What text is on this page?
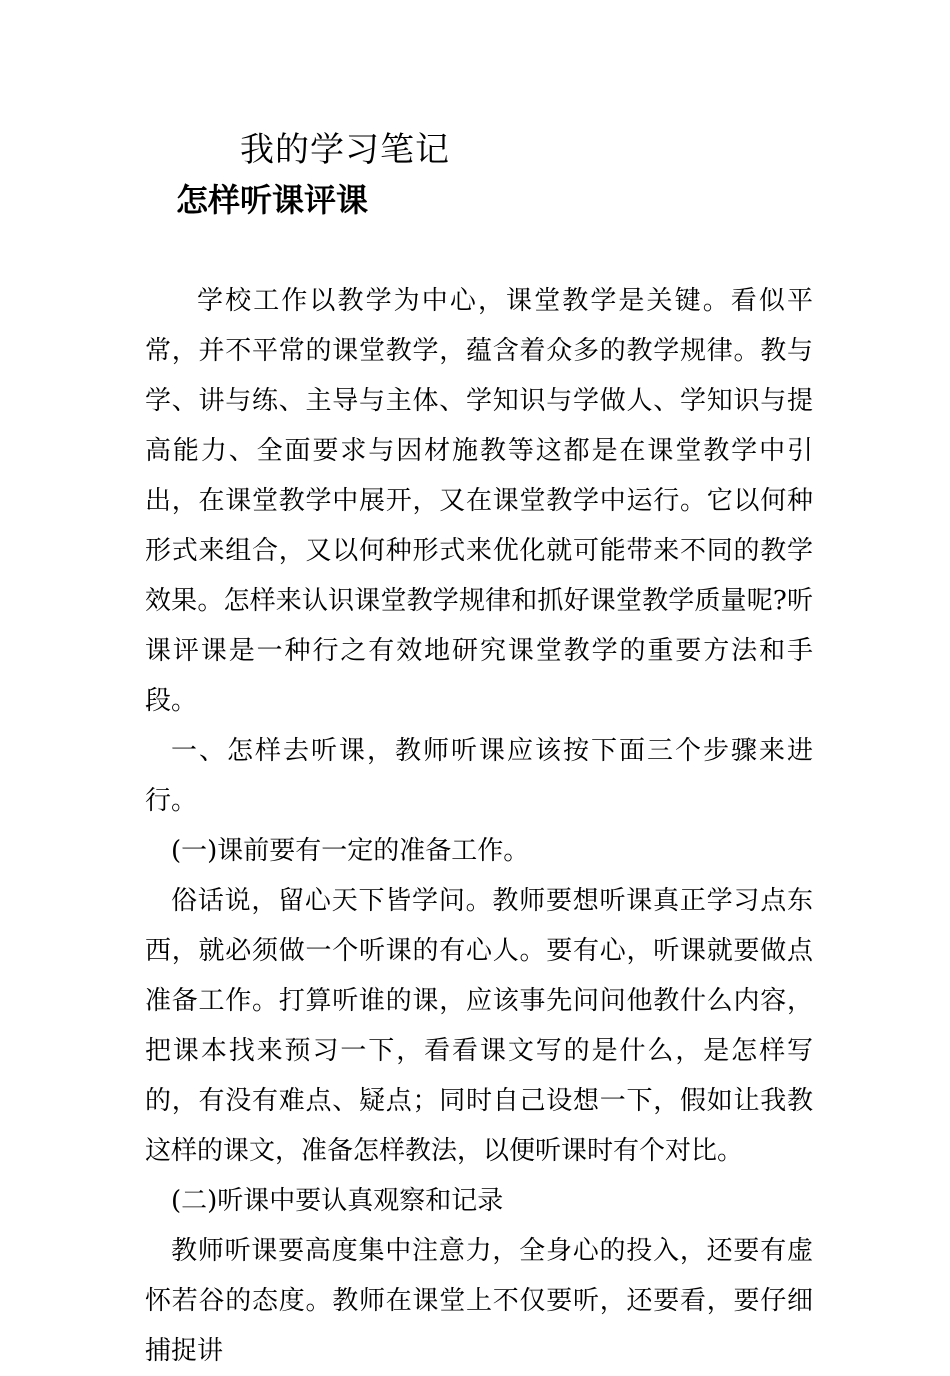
我的学习笔记
怎样听课评课

学校工作以教学为中心，课堂教学是关键。看似平常，并不平常的课堂教学，蕴含着众多的教学规律。教与学、讲与练、主导与主体、学知识与学做人、学知识与提高能力、全面要求与因材施教等这都是在课堂教学中引出，在课堂教学中展开，又在课堂教学中运行。它以何种形式来组合，又以何种形式来优化就可能带来不同的教学效果。怎样来认识课堂教学规律和抓好课堂教学质量呢?听课评课是一种行之有效地研究课堂教学的重要方法和手段。

一、怎样去听课，教师听课应该按下面三个步骤来进行。

(一)课前要有一定的准备工作。

俗话说，留心天下皆学问。教师要想听课真正学习点东西，就必须做一个听课的有心人。要有心，听课就要做点准备工作。打算听谁的课，应该事先问问他教什么内容，把课本找来预习一下，看看课文写的是什么，是怎样写的，有没有难点、疑点；同时自己设想一下，假如让我教这样的课文，准备怎样教法，以便听课时有个对比。

(二)听课中要认真观察和记录

教师听课要高度集中注意力，全身心的投入，还要有虚怀若谷的态度。教师在课堂上不仅要听，还要看，要仔细捕捉讲
